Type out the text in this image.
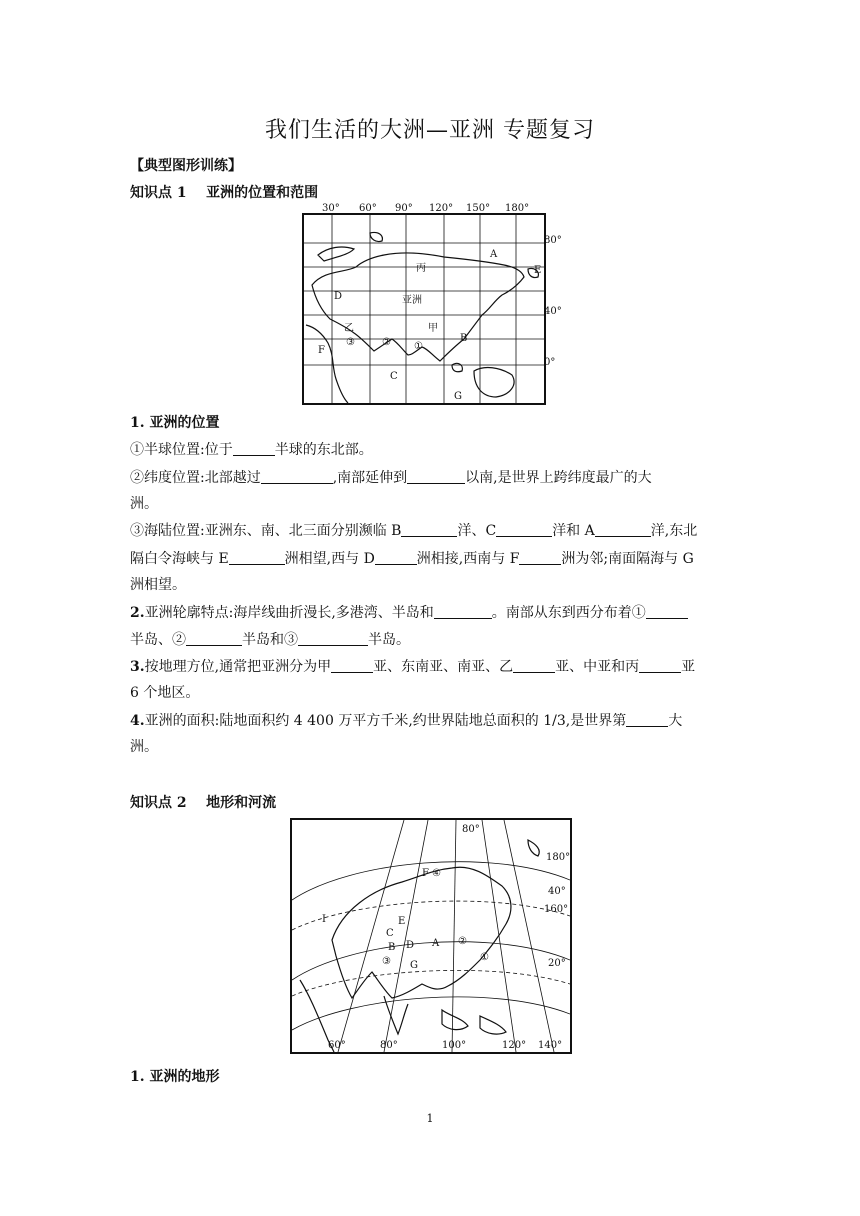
我们生活的大洲—亚洲 专题复习
【典型图形训练】
知识点 1 亚洲的位置和范围
丙
亚洲
甲
乙
A
B
C
D
E
F
G
①
②
③
30° 60° 90° 120° 150° 180°
80°
40°
0°
1. 亚洲的位置
①半球位置:位于	半球的东北部。
②纬度位置:北部越过	,南部延伸到	以南,是世界上跨纬度最广的大
洲。
③海陆位置:亚洲东、南、北三面分别濒临 B	洋、C	洋和 A	洋,东北
隔白令海峡与 E	洲相望,西与 D	洲相接,西南与 F	洲为邻;南面隔海与 G
洲相望。
2.亚洲轮廓特点:海岸线曲折漫长,多港湾、半岛和	。南部从东到西分布着①
半岛、②	半岛和③	半岛。
3.按地理方位,通常把亚洲分为甲	亚、东南亚、南亚、乙	亚、中亚和丙	亚
6 个地区。
4.亚洲的面积:陆地面积约 4 400 万平方千米,约世界陆地总面积的 1/3,是世界第	大
洲。
知识点 2 地形和河流
A
B
C
D
E
F
G
I
①
②
③
④
80°
180°
40°
160°
20°
60°	80°	100°	120° 140°
1. 亚洲的地形
1
